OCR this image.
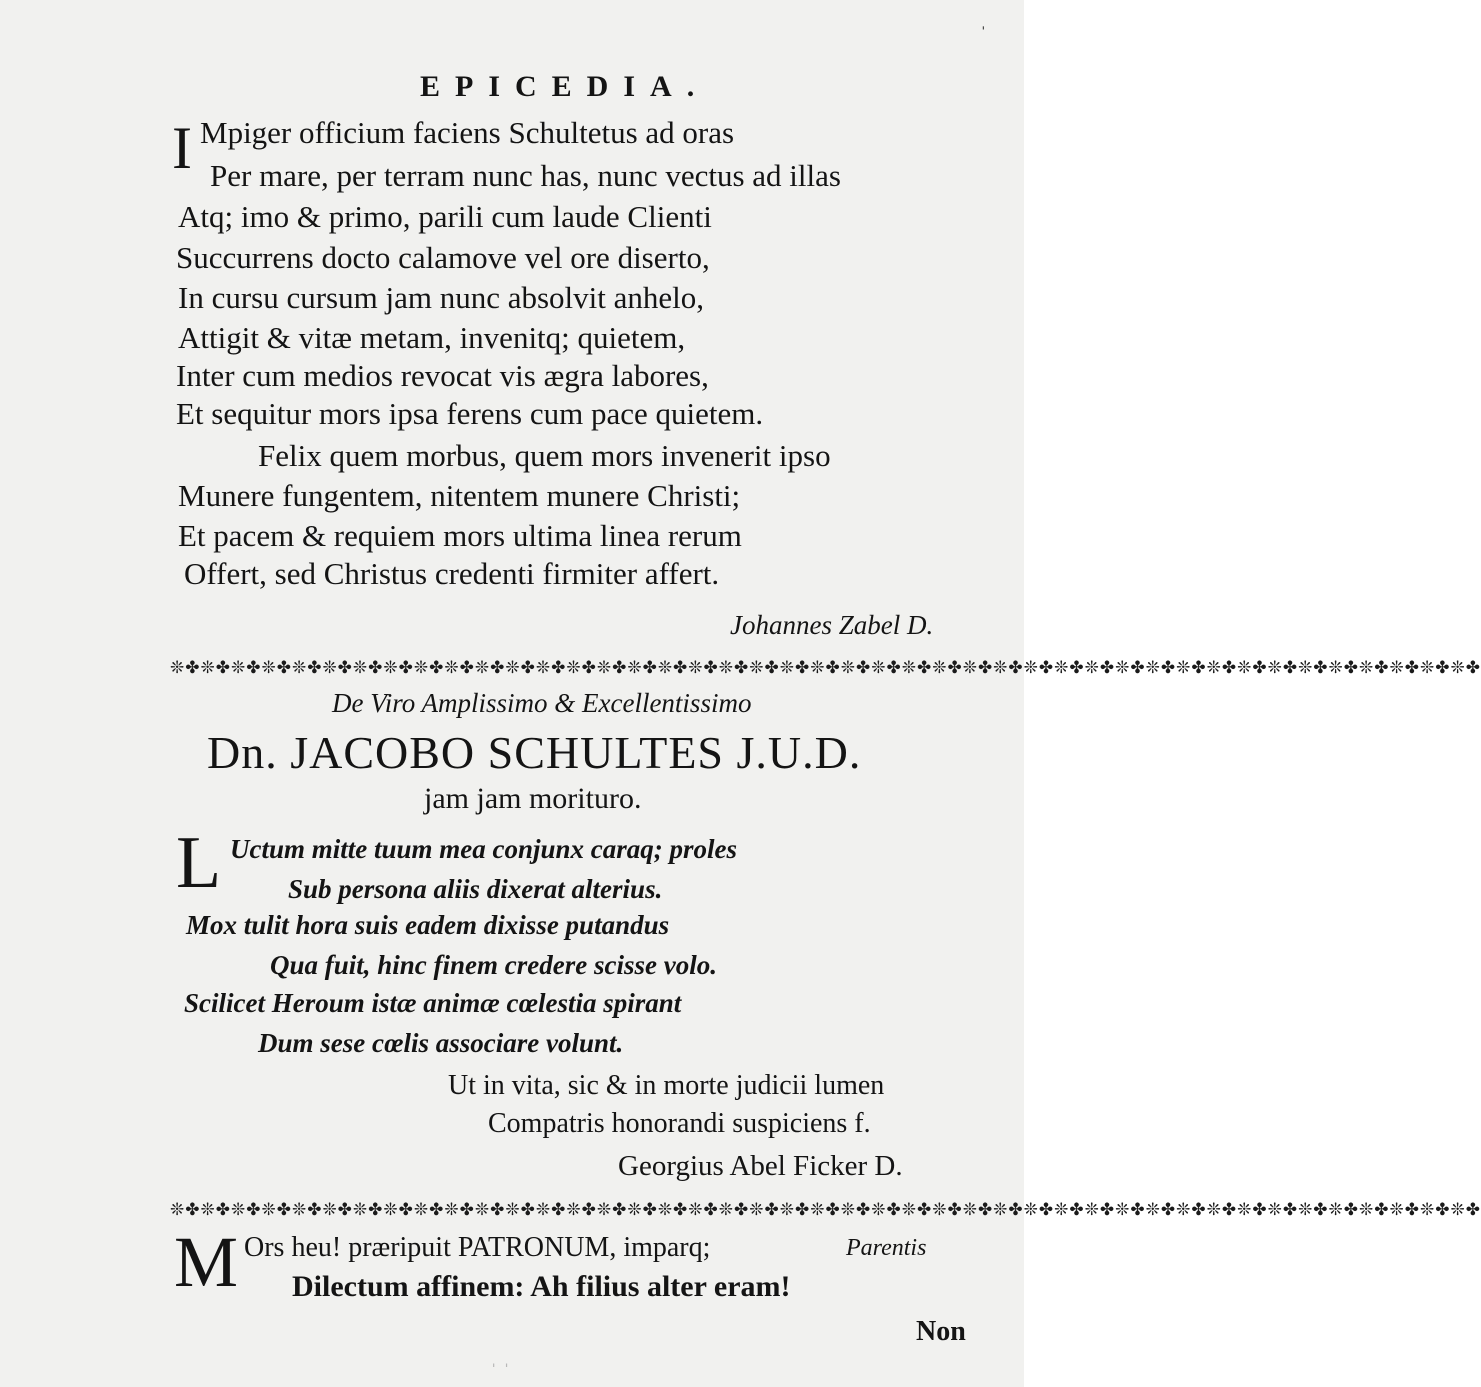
ˌ
EPICEDIA.
I Mpiger officium faciens Schultetus ad oras
Per mare, per terram nunc has, nunc vectus ad illas
Atq; imo & primo, parili cum laude Clienti
Succurrens docto calamove vel ore diserto,
In cursu cursum jam nunc absolvit anhelo,
Attigit & vitæ metam, invenitq; quietem,
Inter cum medios revocat vis ægra labores,
Et sequitur mors ipsa ferens cum pace quietem.
Felix quem morbus, quem mors invenerit ipso
Munere fungentem, nitentem munere Christi;
Et pacem & requiem mors ultima linea rerum
Offert, sed Christus credenti firmiter affert.
Johannes Zabel D.
❊✤❊✤❊✤❊✤❊✤❊✤❊✤❊✤❊✤❊✤❊✤❊✤❊✤❊✤❊✤❊✤❊✤❊✤❊✤❊✤❊✤❊✤❊✤❊✤❊✤❊✤❊✤❊✤❊✤❊✤❊✤❊✤❊✤❊✤❊✤❊✤❊✤❊✤❊✤❊✤❊✤❊✤❊✤
De Viro Amplissimo & Excellentissimo
Dn. JACOBO SCHULTES J.U.D.
jam jam morituro.
L Uctum mitte tuum mea conjunx caraq; proles
Sub persona aliis dixerat alterius.
Mox tulit hora suis eadem dixisse putandus
Qua fuit, hinc finem credere scisse volo.
Scilicet Heroum istæ animæ cœlestia spirant
Dum sese cœlis associare volunt.
Ut in vita, sic & in morte judicii lumen
Compatris honorandi suspiciens f.
Georgius Abel Ficker D.
❊✤❊✤❊✤❊✤❊✤❊✤❊✤❊✤❊✤❊✤❊✤❊✤❊✤❊✤❊✤❊✤❊✤❊✤❊✤❊✤❊✤❊✤❊✤❊✤❊✤❊✤❊✤❊✤❊✤❊✤❊✤❊✤❊✤❊✤❊✤❊✤❊✤❊✤❊✤❊✤❊✤❊✤❊✤
M Ors heu! præripuit PATRONUM, imparq;	Parentis
Dilectum affinem: Ah filius alter eram!
Non
ˌ ˌ
